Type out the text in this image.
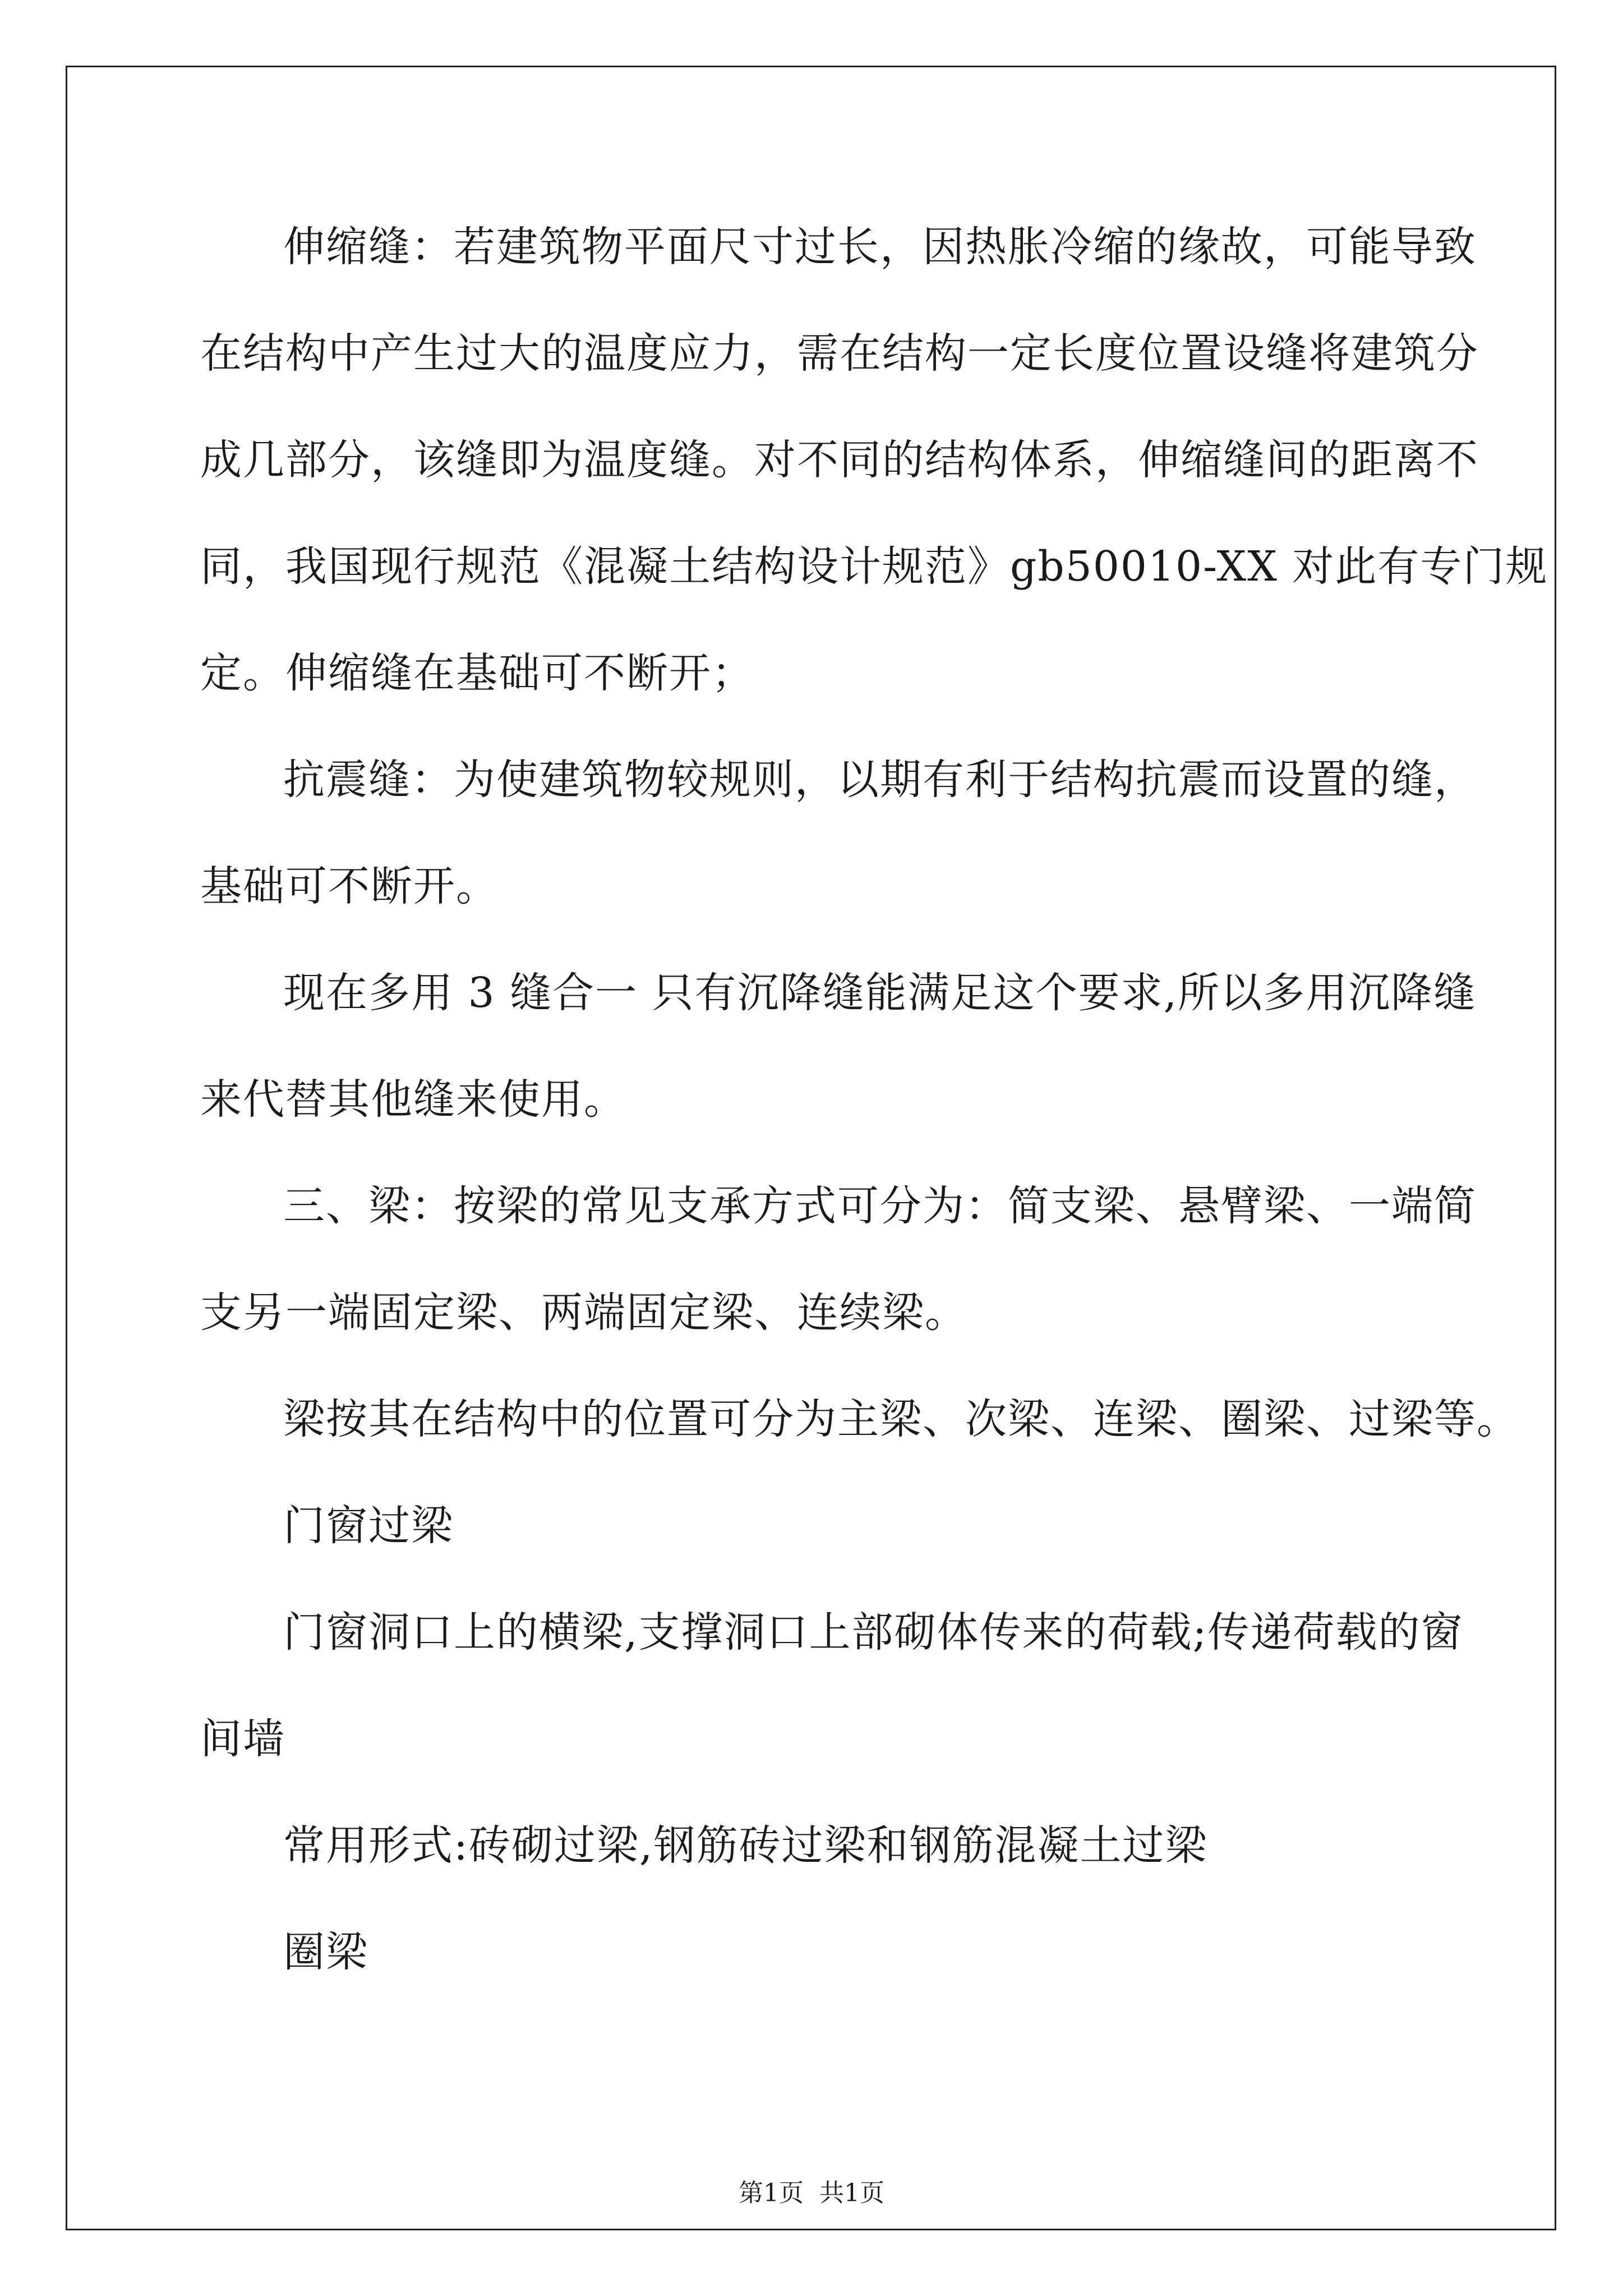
伸缩缝：若建筑物平面尺寸过长，因热胀冷缩的缘故，可能导致
在结构中产生过大的温度应力，需在结构一定长度位置设缝将建筑分
成几部分，该缝即为温度缝。对不同的结构体系，伸缩缝间的距离不
同，我国现行规范《混凝土结构设计规范》gb50010-XX 对此有专门规
定。伸缩缝在基础可不断开；
抗震缝：为使建筑物较规则，以期有利于结构抗震而设置的缝，
基础可不断开。
现在多用 3 缝合一 只有沉降缝能满足这个要求,所以多用沉降缝
来代替其他缝来使用。
三、梁：按梁的常见支承方式可分为：简支梁、悬臂梁、一端简
支另一端固定梁、两端固定梁、连续梁。
梁按其在结构中的位置可分为主梁、次梁、连梁、圈梁、过梁等。
门窗过梁
门窗洞口上的横梁,支撑洞口上部砌体传来的荷载;传递荷载的窗
间墙
常用形式:砖砌过梁,钢筋砖过梁和钢筋混凝土过梁
圈梁
第1页  共1页
